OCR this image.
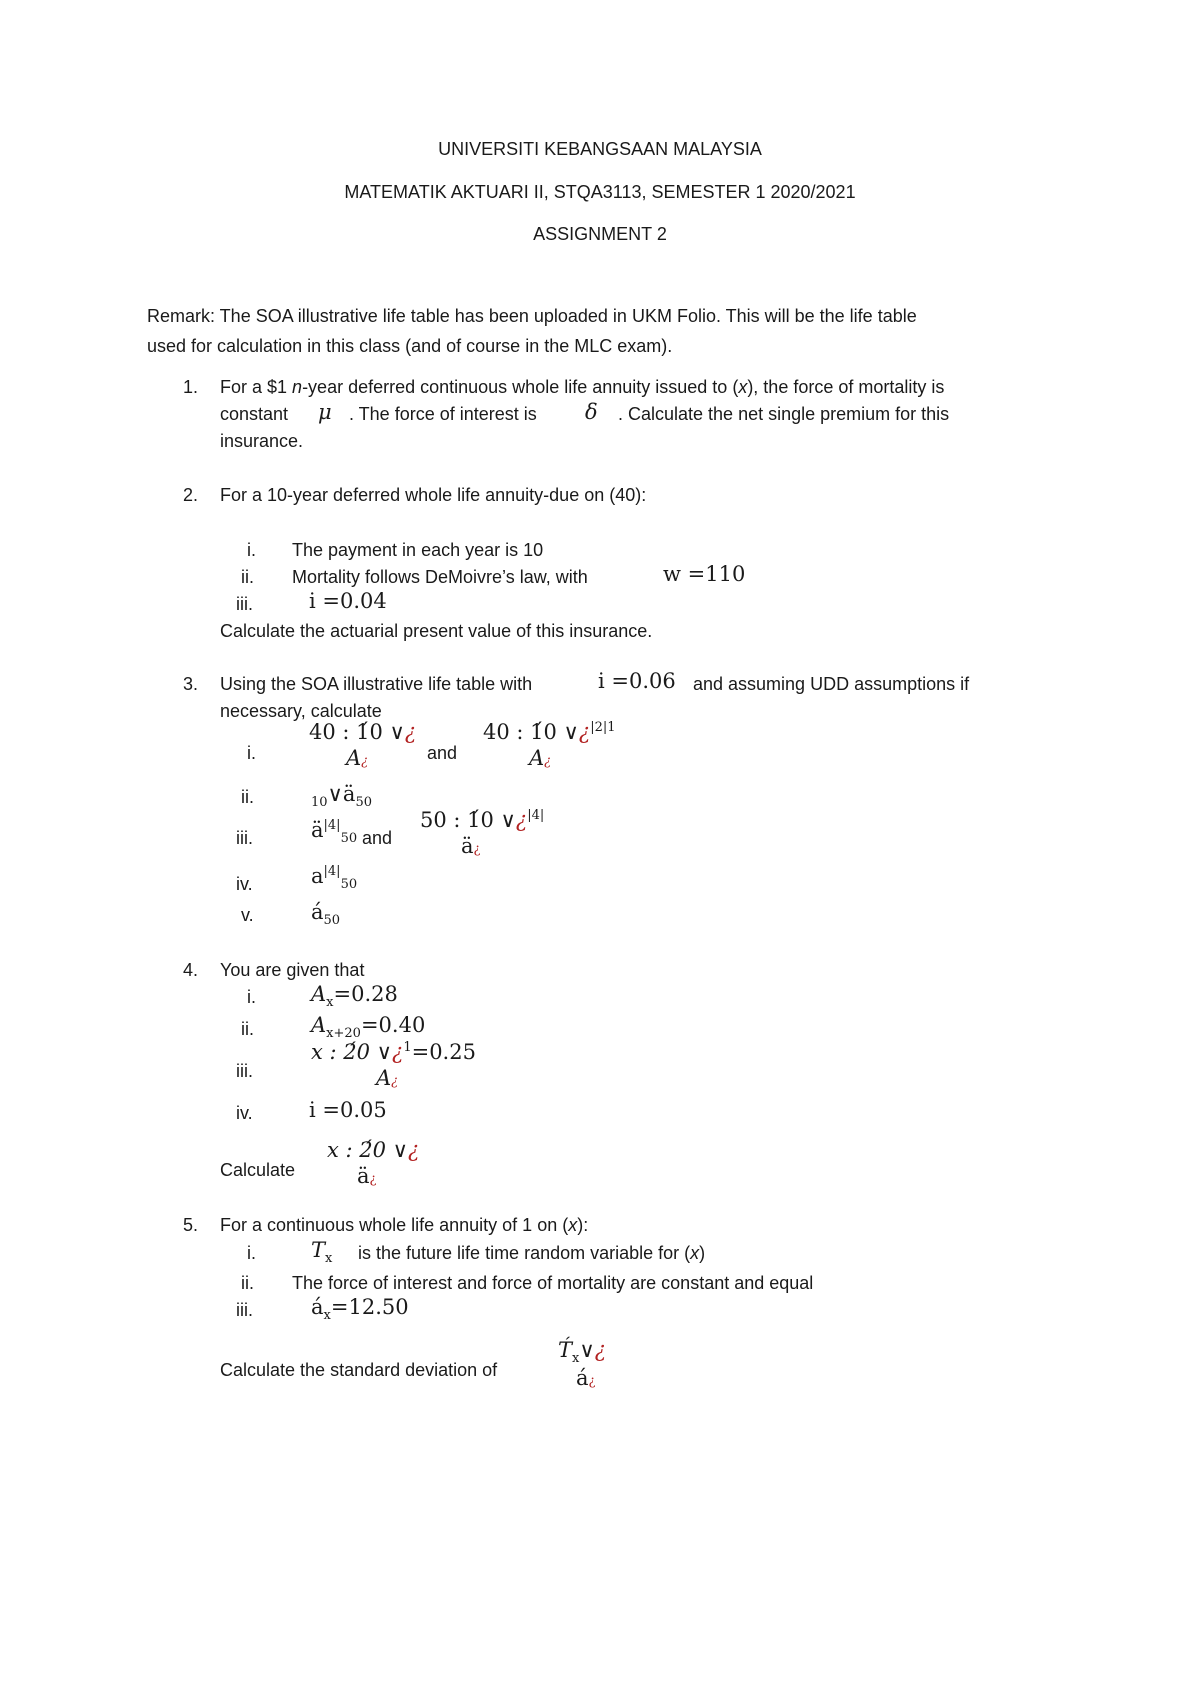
UNIVERSITI KEBANGSAAN MALAYSIA
MATEMATIK AKTUARI II, STQA3113, SEMESTER 1 2020/2021
ASSIGNMENT 2
Remark: The SOA illustrative life table has been uploaded in UKM Folio. This will be the life table
used for calculation in this class (and of course in the MLC exam).
1. For a $1 n-year deferred continuous whole life annuity issued to (x), the force of mortality is
constant μ . The force of interest is δ . Calculate the net single premium for this
insurance.
2. For a 10-year deferred whole life annuity-due on (40):
i. The payment in each year is 10
ii. Mortality follows DeMoivre’s law, with	w =110
iii.	i =0.04
Calculate the actuarial present value of this insurance.
3. Using the SOA illustrative life table with	i =0.06 and assuming UDD assumptions if
necessary, calculate
i.
40 : 1́0 ∨¿
A¿	and
40 : 1́0 ∨¿$^{|2|1}$
A¿
ii.	$_{10}\vee ä_{50}$
iii.	$ä^{|4|}_{50}$ and
50 : 1́0 ∨¿$^{|4|}$
ä¿
iv.	$a^{|4|}_{50}$
v.	$á_{50}$
4. You are given that
i.	$A_x=0.28$
ii.	$A_{x+20}=0.40$
iii.
x : 2́0 ∨¿$^1$=0.25
A¿
iv.	i =0.05
Calculate
x : 2́0 ∨¿
ä¿
5. For a continuous whole life annuity of 1 on (x):
i.	$T_x$ is the future life time random variable for (x)
ii. The force of interest and force of mortality are constant and equal
iii.	$á_x=12.50$
Calculate the standard deviation of
$T́_x\vee¿$
á¿
